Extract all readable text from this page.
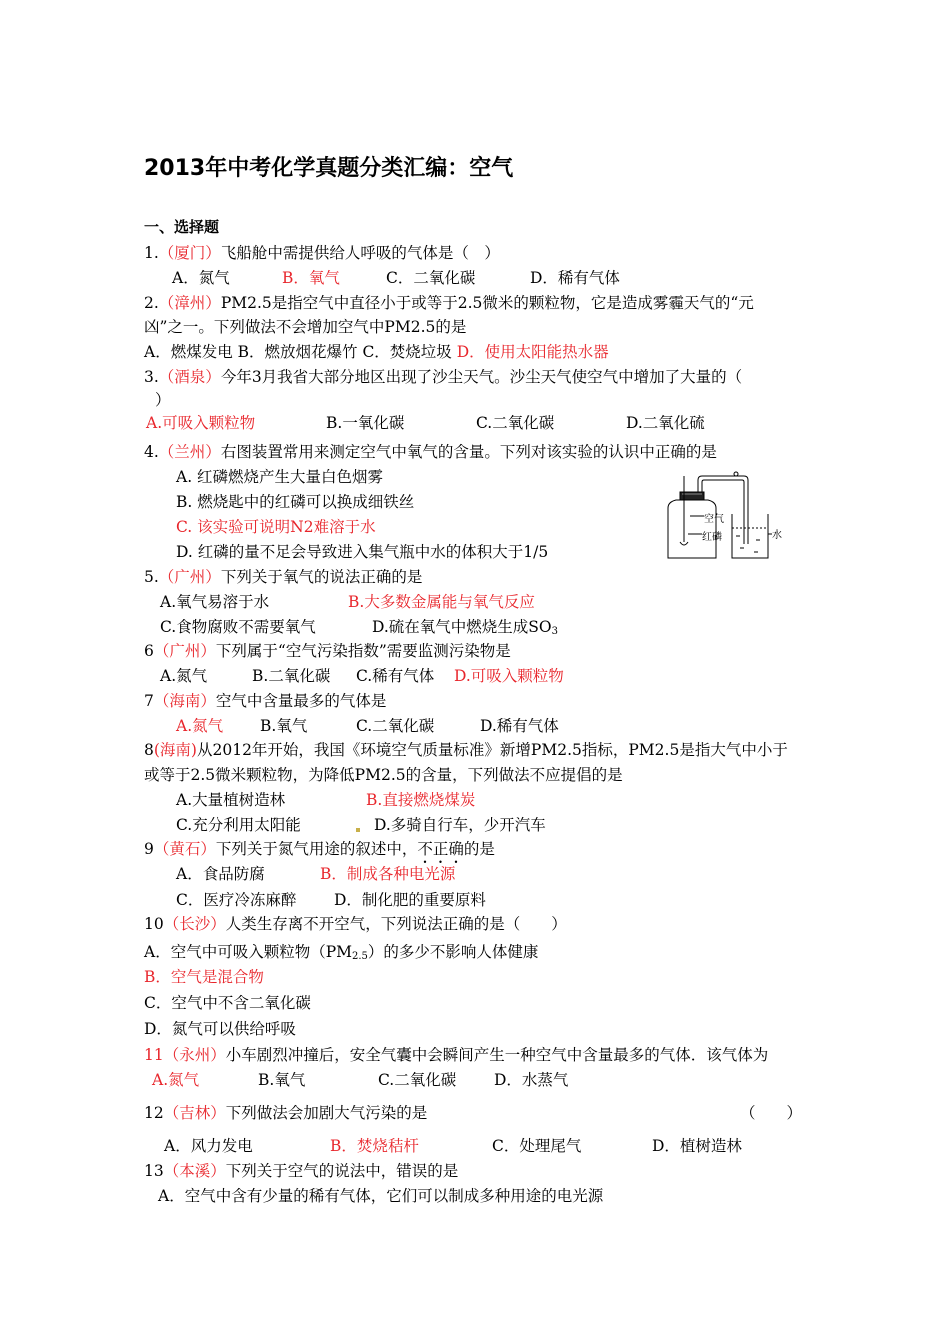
2013年中考化学真题分类汇编：空气
一、选择题
1.（厦门）飞船舱中需提供给人呼吸的气体是（　）
A．氮气	B．氧气	C．二氧化碳	D．稀有气体
2.（漳州）PM2.5是指空气中直径小于或等于2.5微米的颗粒物，它是造成雾霾天气的“元
凶”之一。下列做法不会增加空气中PM2.5的是
A．燃煤发电 B．燃放烟花爆竹 C．焚烧垃圾 D．使用太阳能热水器
3.（酒泉）今年3月我省大部分地区出现了沙尘天气。沙尘天气使空气中增加了大量的（
）
A.可吸入颗粒物	B.一氧化碳	C.二氧化碳	D.二氧化硫
4.（兰州）右图装置常用来测定空气中氧气的含量。下列对该实验的认识中正确的是
A. 红磷燃烧产生大量白色烟雾
B. 燃烧匙中的红磷可以换成细铁丝
C. 该实验可说明N2难溶于水
D. 红磷的量不足会导致进入集气瓶中水的体积大于1/5
空气
红磷	水
5.（广州）下列关于氧气的说法正确的是
A.氧气易溶于水	B.大多数金属能与氧气反应
C.食物腐败不需要氧气	D.硫在氧气中燃烧生成$SO_3$
6（广州）下列属于“空气污染指数”需要监测污染物是
A.氮气	B.二氧化碳 C.稀有气体 D.可吸入颗粒物
7（海南）空气中含量最多的气体是
A.氮气 B.氧气	C.二氧化碳	D.稀有气体
8(海南)从2012年开始，我国《环境空气质量标准》新增PM2.5指标，PM2.5是指大气中小于
或等于2.5微米颗粒物，为降低PM2.5的含量，下列做法不应提倡的是
A.大量植树造林	B.直接燃烧煤炭
C.充分利用太阳能	D.多骑自行车，少开汽车
9（黄石）下列关于氮气用途的叙述中，不正确的是
A．食品防腐	B．制成各种电光源
C．医疗冷冻麻醉 D．制化肥的重要原料
10（长沙）人类生存离不开空气，下列说法正确的是（　　）
A．空气中可吸入颗粒物$(PM_{2.5})$的多少不影响人体健康
B．空气是混合物
C．空气中不含二氧化碳
D．氮气可以供给呼吸
11（永州）小车剧烈冲撞后，安全气囊中会瞬间产生一种空气中含量最多的气体．该气体为
A.氮气	B.氧气	C.二氧化碳 D．水蒸气
12（吉林）下列做法会加剧大气污染的是	（　　）
A．风力发电	B．焚烧秸杆	C．处理尾气	D．植树造林
13（本溪）下列关于空气的说法中，错误的是
A．空气中含有少量的稀有气体，它们可以制成多种用途的电光源
